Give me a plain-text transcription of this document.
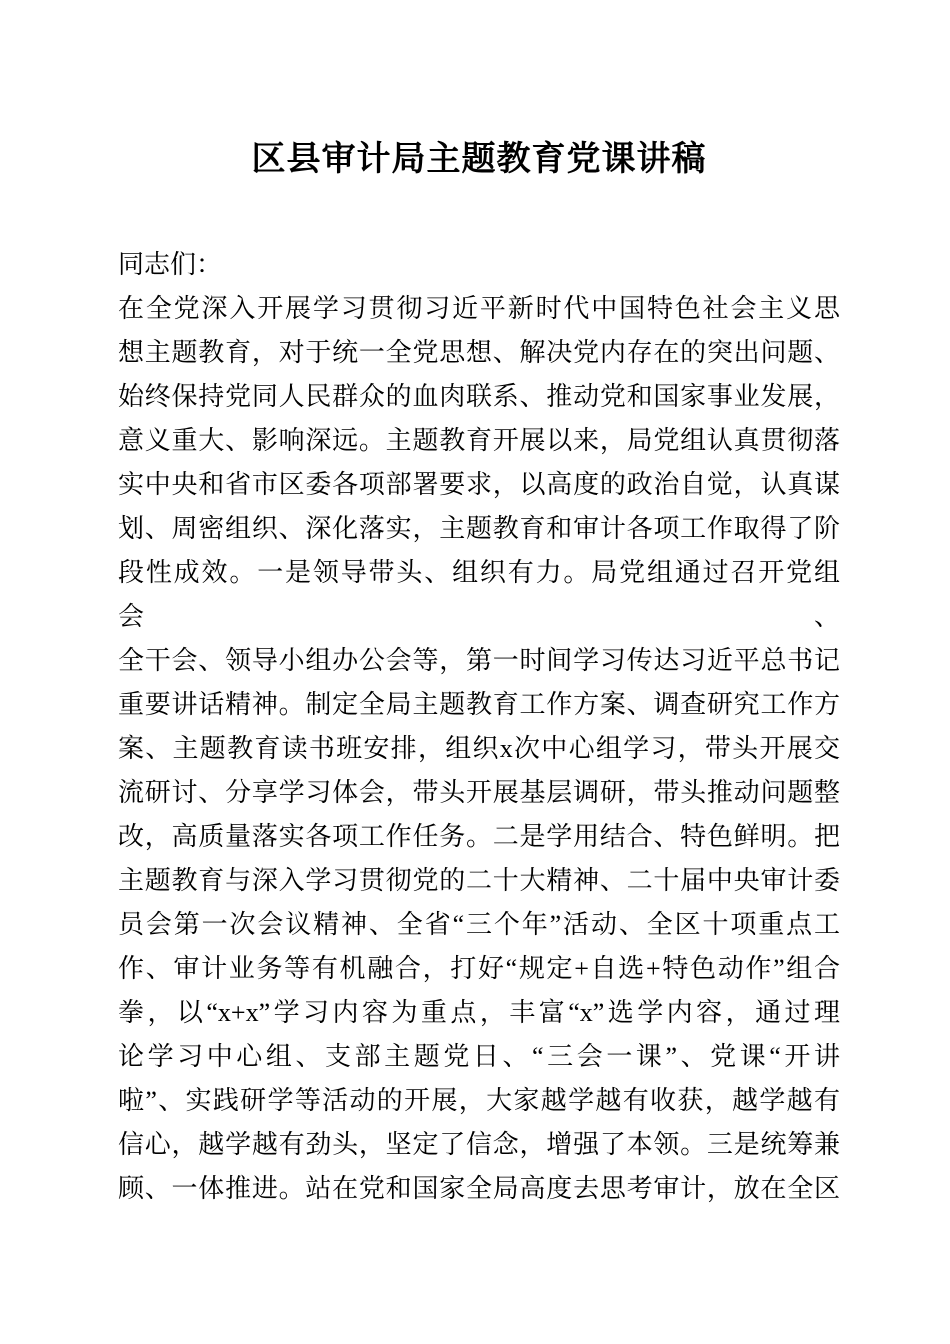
区县审计局主题教育党课讲稿

同志们：

在全党深入开展学习贯彻习近平新时代中国特色社会主义思
想主题教育，对于统一全党思想、解决党内存在的突出问题、
始终保持党同人民群众的血肉联系、推动党和国家事业发展，
意义重大、影响深远。主题教育开展以来，局党组认真贯彻落
实中央和省市区委各项部署要求，以高度的政治自觉，认真谋
划、周密组织、深化落实，主题教育和审计各项工作取得了阶
段性成效。一是领导带头、组织有力。局党组通过召开党组会、
全干会、领导小组办公会等，第一时间学习传达习近平总书记
重要讲话精神。制定全局主题教育工作方案、调查研究工作方
案、主题教育读书班安排，组织x次中心组学习，带头开展交
流研讨、分享学习体会，带头开展基层调研，带头推动问题整
改，高质量落实各项工作任务。二是学用结合、特色鲜明。把
主题教育与深入学习贯彻党的二十大精神、二十届中央审计委
员会第一次会议精神、全省“三个年”活动、全区十项重点工
作、审计业务等有机融合，打好“规定+自选+特色动作”组合
拳，以“x+x”学习内容为重点，丰富“x”选学内容，通过理
论学习中心组、支部主题党日、“三会一课”、党课“开讲
啦”、实践研学等活动的开展，大家越学越有收获，越学越有
信心，越学越有劲头，坚定了信念，增强了本领。三是统筹兼
顾、一体推进。站在党和国家全局高度去思考审计，放在全区
